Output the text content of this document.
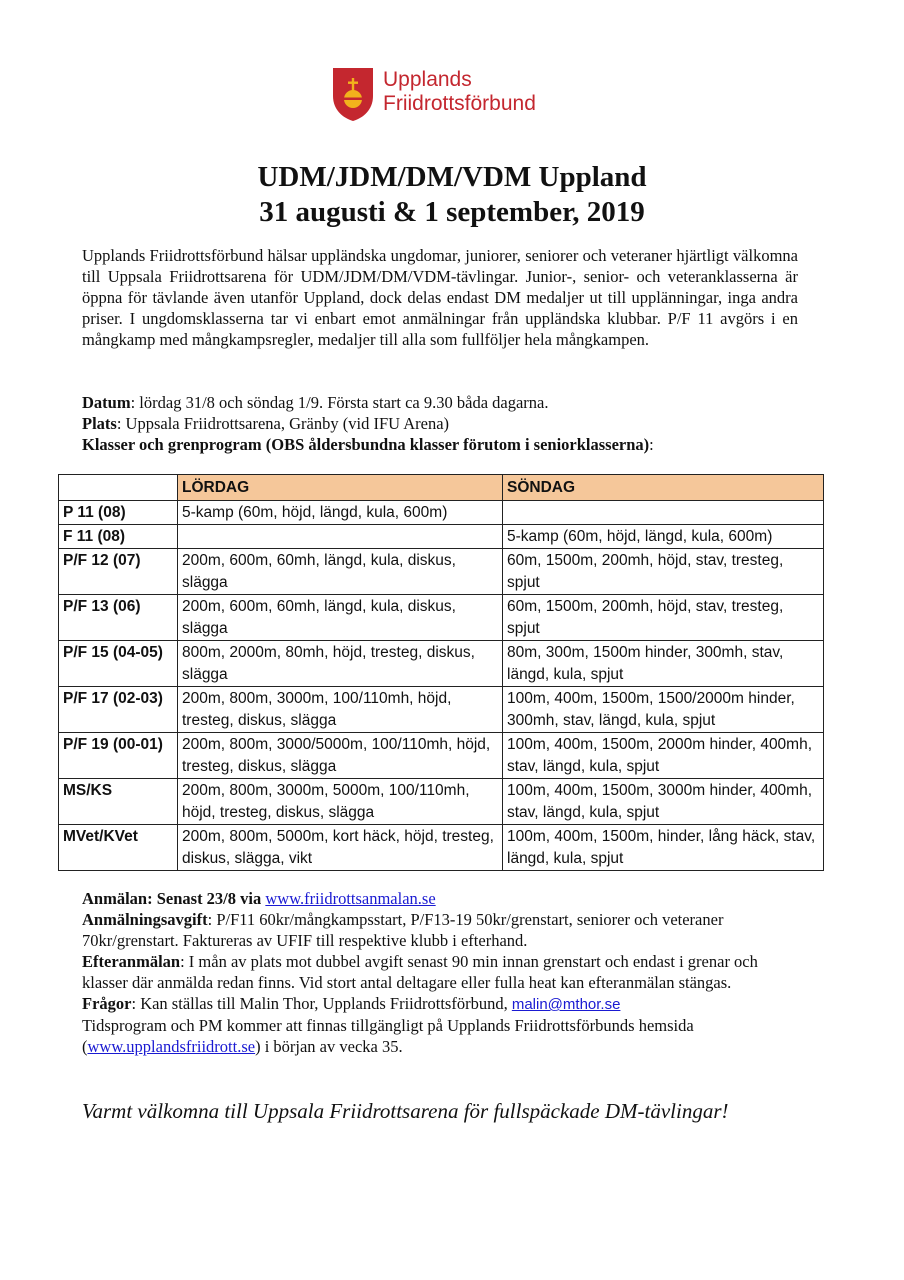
Upplands
Friidrottsförbund
UDM/JDM/DM/VDM Uppland
31 augusti & 1 september, 2019

Upplands Friidrottsförbund hälsar uppländska ungdomar, juniorer, seniorer och veteraner hjärtligt välkomna till Uppsala Friidrottsarena för UDM/JDM/DM/VDM-tävlingar. Junior-, senior- och veteranklasserna är öppna för tävlande även utanför Uppland, dock delas endast DM medaljer ut till upplänningar, inga andra priser. I ungdomsklasserna tar vi enbart emot anmälningar från uppländska klubbar. P/F 11 avgörs i en mångkamp med mångkampsregler, medaljer till alla som fullföljer hela mångkampen.

Datum: lördag 31/8 och söndag 1/9. Första start ca 9.30 båda dagarna.

Plats: Uppsala Friidrottsarena, Gränby (vid IFU Arena)

Klasser och grenprogram (OBS åldersbundna klasser förutom i seniorklasserna):

	LÖRDAG	SÖNDAG
P 11 (08)	5-kamp (60m, höjd, längd, kula, 600m)	
F 11 (08)		5-kamp (60m, höjd, längd, kula, 600m)
P/F 12 (07)	200m, 600m, 60mh, längd, kula, diskus, slägga	60m, 1500m, 200mh, höjd, stav, tresteg, spjut
P/F 13 (06)	200m, 600m, 60mh, längd, kula, diskus, slägga	60m, 1500m, 200mh, höjd, stav, tresteg, spjut
P/F 15 (04-05)	800m, 2000m, 80mh, höjd, tresteg, diskus, slägga	80m, 300m, 1500m hinder, 300mh, stav, längd, kula, spjut
P/F 17 (02-03)	200m, 800m, 3000m, 100/110mh, höjd, tresteg, diskus, slägga	100m, 400m, 1500m, 1500/2000m hinder, 300mh, stav, längd, kula, spjut
P/F 19 (00-01)	200m, 800m, 3000/5000m, 100/110mh, höjd, tresteg, diskus, slägga	100m, 400m, 1500m, 2000m hinder, 400mh, stav, längd, kula, spjut
MS/KS	200m, 800m, 3000m, 5000m, 100/110mh, höjd, tresteg, diskus, slägga	100m, 400m, 1500m, 3000m hinder, 400mh, stav, längd, kula, spjut
MVet/KVet	200m, 800m, 5000m, kort häck, höjd, tresteg, diskus, slägga, vikt	100m, 400m, 1500m, hinder, lång häck, stav, längd, kula, spjut

Anmälan: Senast 23/8 via www.friidrottsanmalan.se

Anmälningsavgift: P/F11 60kr/mångkampsstart, P/F13-19 50kr/grenstart, seniorer och veteraner 70kr/grenstart. Faktureras av UFIF till respektive klubb i efterhand.

Efteranmälan: I mån av plats mot dubbel avgift senast 90 min innan grenstart och endast i grenar och klasser där anmälda redan finns. Vid stort antal deltagare eller fulla heat kan efteranmälan stängas.

Frågor: Kan ställas till Malin Thor, Upplands Friidrottsförbund, malin@mthor.se

Tidsprogram och PM kommer att finnas tillgängligt på Upplands Friidrottsförbunds hemsida (www.upplandsfriidrott.se) i början av vecka 35.

Varmt välkomna till Uppsala Friidrottsarena för fullspäckade DM-tävlingar!
